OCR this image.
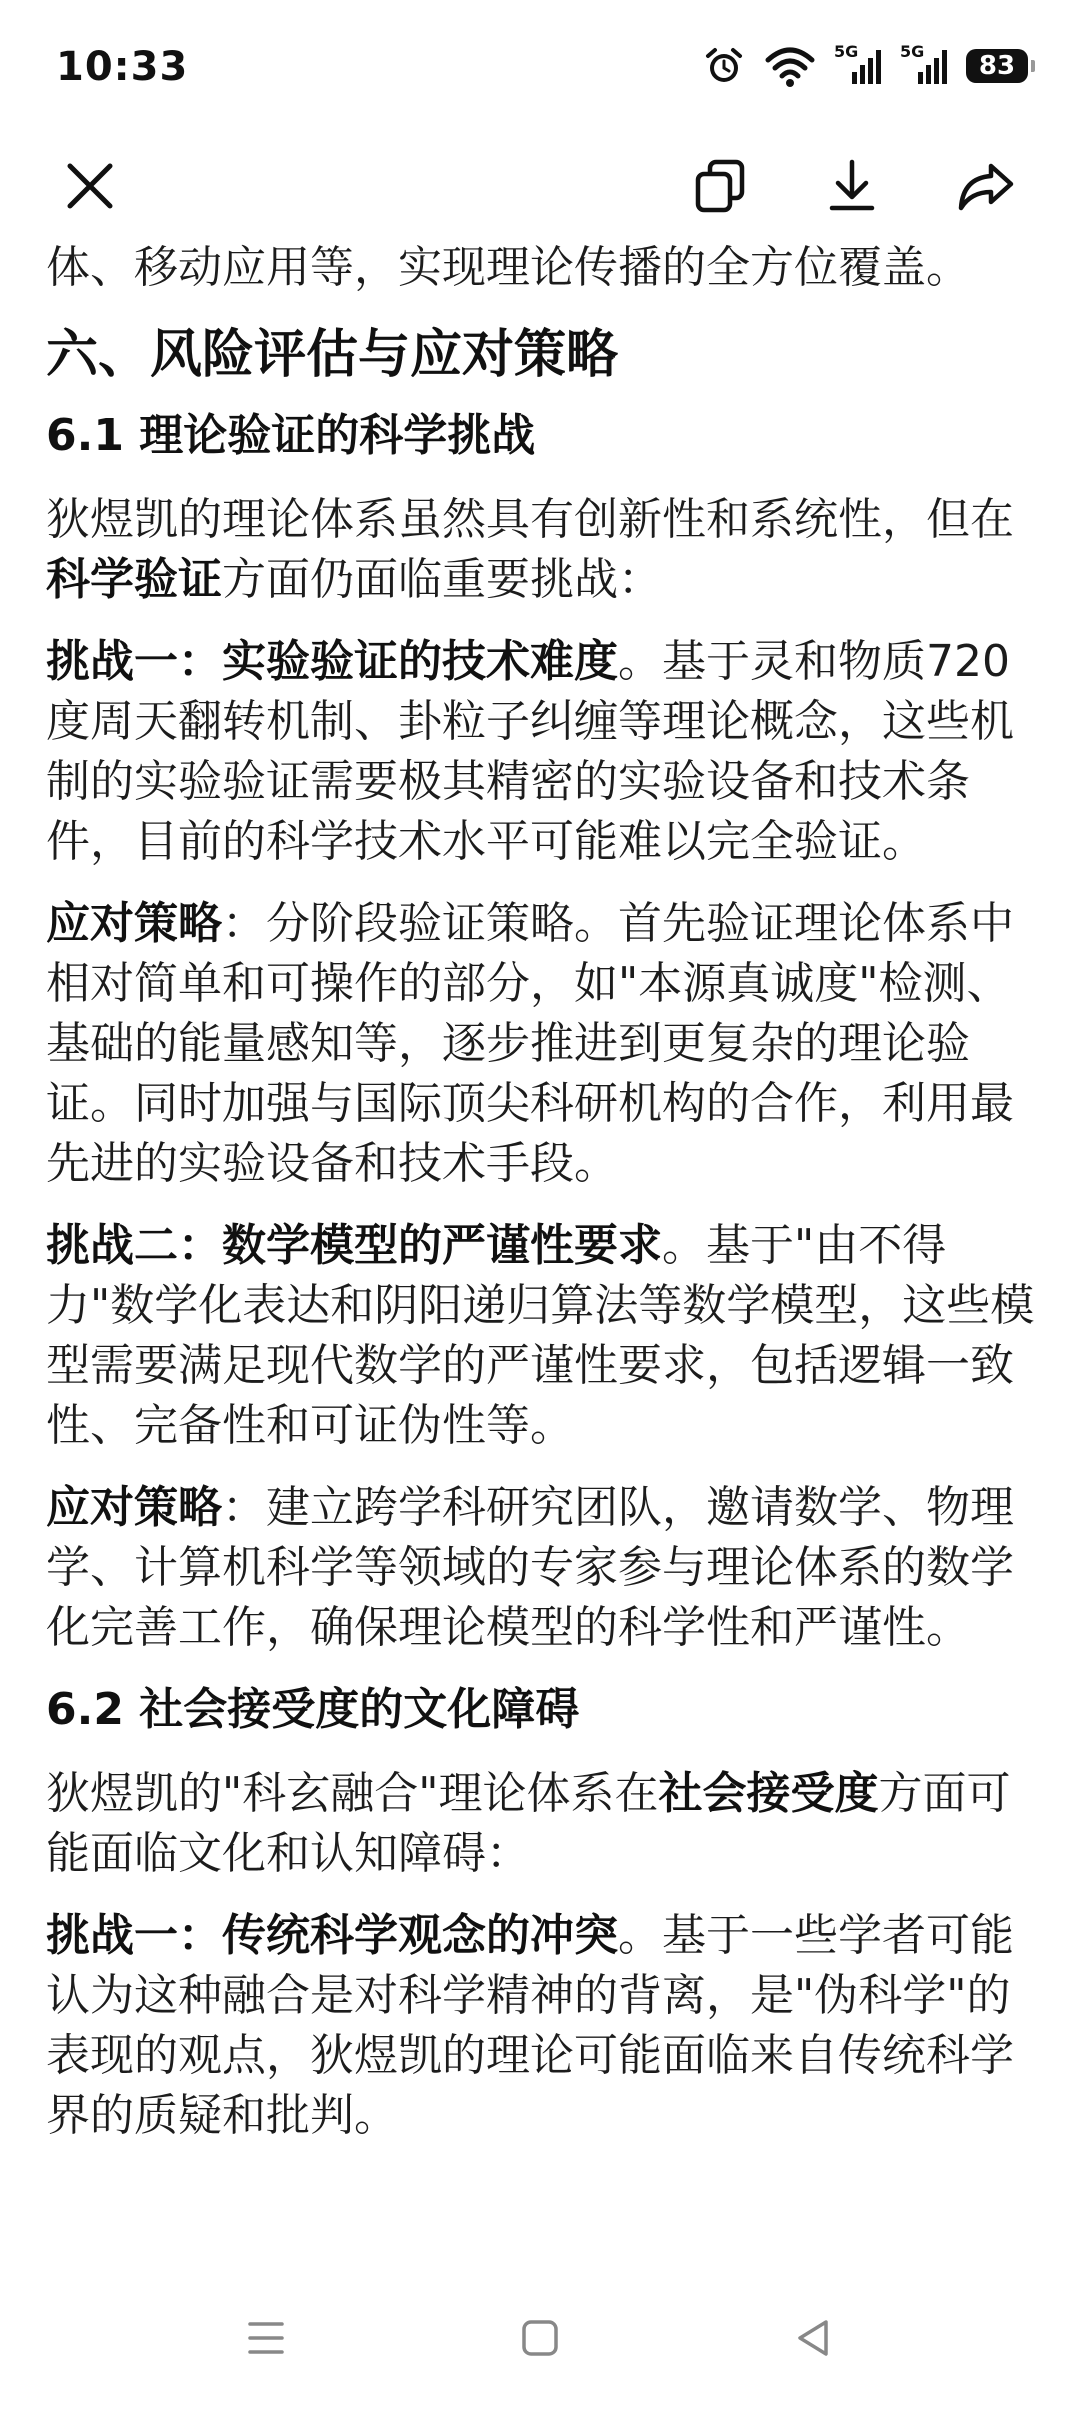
10:33	5G	5G 83

体、移动应用等，实现理论传播的全方位覆盖。

六、风险评估与应对策略
6.1 理论验证的科学挑战

狄煜凯的理论体系虽然具有创新性和系统性，但在科学验证方面仍面临重要挑战：

挑战一：实验验证的技术难度。基于灵和物质720度周天翻转机制、卦粒子纠缠等理论概念，这些机制的实验验证需要极其精密的实验设备和技术条件，目前的科学技术水平可能难以完全验证。

应对策略：分阶段验证策略。首先验证理论体系中相对简单和可操作的部分，如"本源真诚度"检测、基础的能量感知等，逐步推进到更复杂的理论验证。同时加强与国际顶尖科研机构的合作，利用最先进的实验设备和技术手段。

挑战二：数学模型的严谨性要求。基于"由不得力"数学化表达和阴阳递归算法等数学模型，这些模型需要满足现代数学的严谨性要求，包括逻辑一致性、完备性和可证伪性等。

应对策略：建立跨学科研究团队，邀请数学、物理学、计算机科学等领域的专家参与理论体系的数学化完善工作，确保理论模型的科学性和严谨性。

6.2 社会接受度的文化障碍

狄煜凯的"科玄融合"理论体系在社会接受度方面可能面临文化和认知障碍：

挑战一：传统科学观念的冲突。基于一些学者可能认为这种融合是对科学精神的背离，是"伪科学"的表现的观点，狄煜凯的理论可能面临来自传统科学界的质疑和批判。
